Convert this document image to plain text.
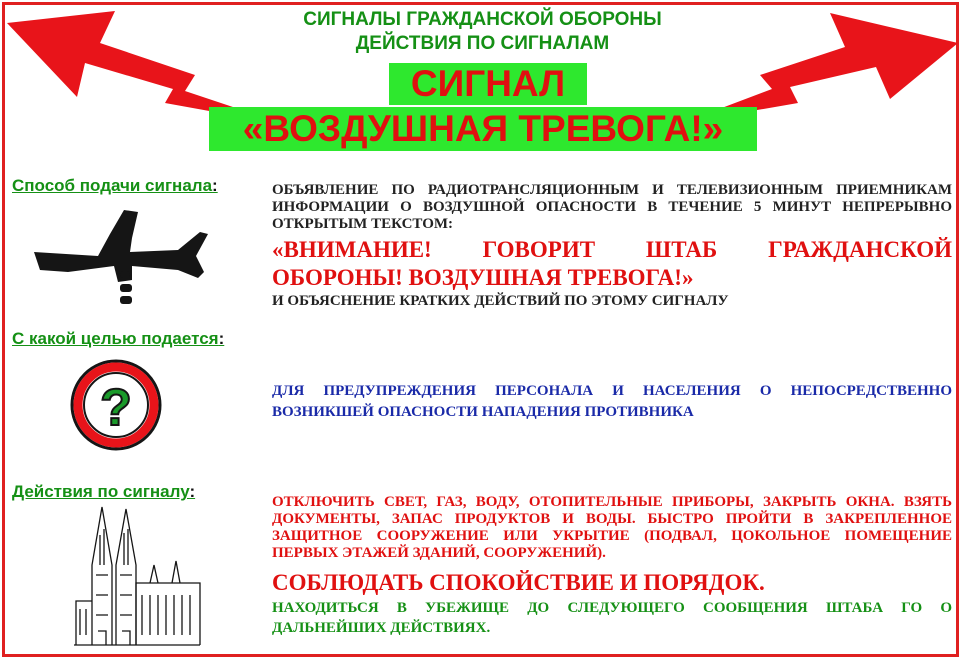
СИГНАЛЫ ГРАЖДАНСКОЙ ОБОРОНЫ
ДЕЙСТВИЯ ПО СИГНАЛАМ
СИГНАЛ
«ВОЗДУШНАЯ ТРЕВОГА!»
Способ подачи сигнала:	ОБЪЯВЛЕНИЕ ПО РАДИОТРАНСЛЯЦИОННЫМ И ТЕЛЕВИЗИОННЫМ ПРИЕМНИКАМ ИНФОРМАЦИИ О ВОЗДУШНОЙ ОПАСНОСТИ В ТЕЧЕНИЕ 5 МИНУТ НЕПРЕРЫВНО ОТКРЫТЫМ ТЕКСТОМ:
«ВНИМАНИЕ! ГОВОРИТ ШТАБ ГРАЖДАНСКОЙ ОБОРОНЫ! ВОЗДУШНАЯ ТРЕВОГА!»
И ОБЪЯСНЕНИЕ КРАТКИХ ДЕЙСТВИЙ ПО ЭТОМУ СИГНАЛУ
С какой целью подается:
?	ДЛЯ ПРЕДУПРЕЖДЕНИЯ ПЕРСОНАЛА И НАСЕЛЕНИЯ О НЕПОСРЕДСТВЕННО ВОЗНИКШЕЙ ОПАСНОСТИ НАПАДЕНИЯ ПРОТИВНИКА
Действия по сигналу:
ОТКЛЮЧИТЬ СВЕТ, ГАЗ, ВОДУ, ОТОПИТЕЛЬНЫЕ ПРИБОРЫ, ЗАКРЫТЬ ОКНА. ВЗЯТЬ ДОКУМЕНТЫ, ЗАПАС ПРОДУКТОВ И ВОДЫ. БЫСТРО ПРОЙТИ В ЗАКРЕПЛЕННОЕ ЗАЩИТНОЕ СООРУЖЕНИЕ ИЛИ УКРЫТИЕ (ПОДВАЛ, ЦОКОЛЬНОЕ ПОМЕЩЕНИЕ ПЕРВЫХ ЭТАЖЕЙ ЗДАНИЙ, СООРУЖЕНИЙ).
СОБЛЮДАТЬ СПОКОЙСТВИЕ И ПОРЯДОК.
НАХОДИТЬСЯ В УБЕЖИЩЕ ДО СЛЕДУЮЩЕГО СООБЩЕНИЯ ШТАБА ГО О ДАЛЬНЕЙШИХ ДЕЙСТВИЯХ.
